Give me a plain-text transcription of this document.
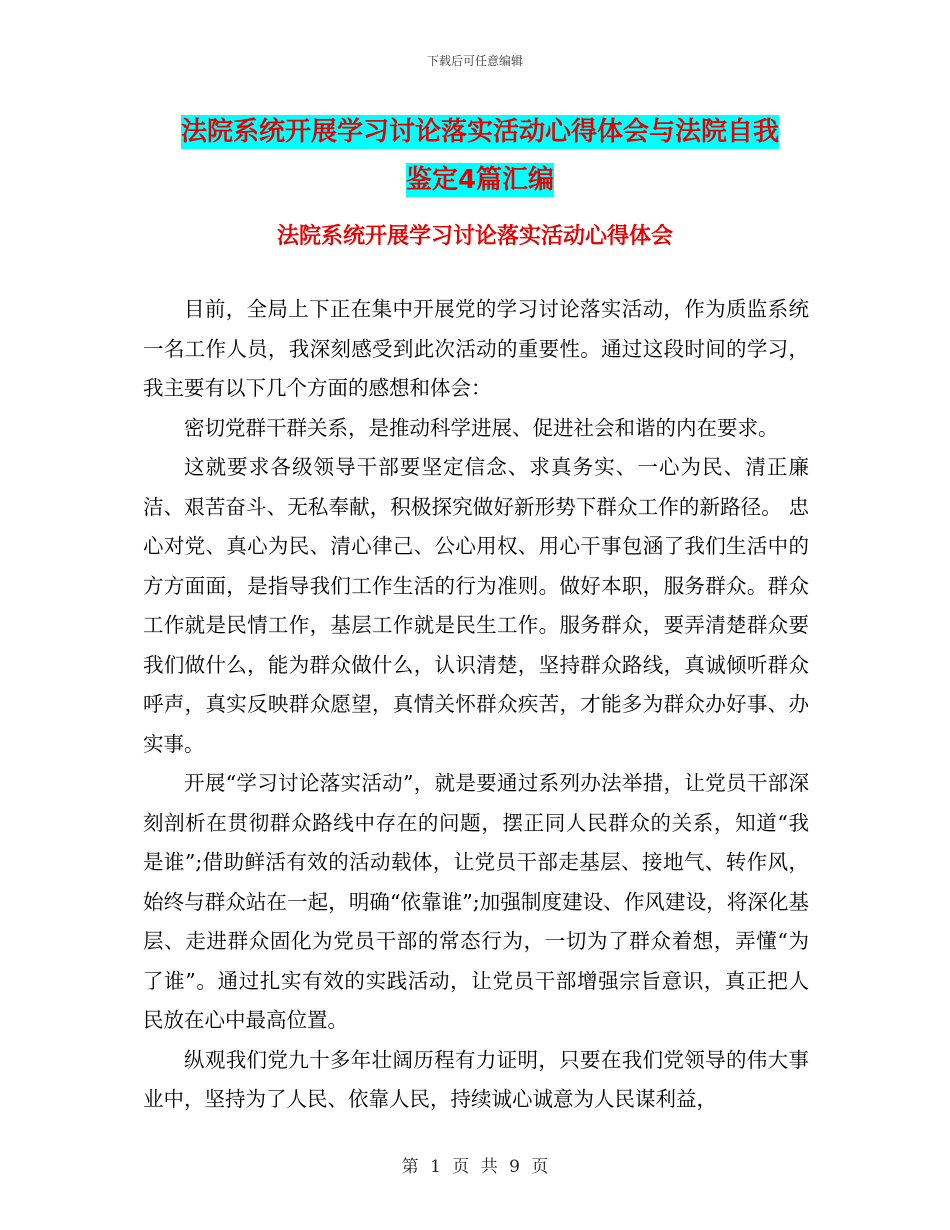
下载后可任意编辑
法院系统开展学习讨论落实活动心得体会与法院自我
鉴定4篇汇编
法院系统开展学习讨论落实活动心得体会

目前，全局上下正在集中开展党的学习讨论落实活动，作为质监系统一名工作人员，我深刻感受到此次活动的重要性。通过这段时间的学习，我主要有以下几个方面的感想和体会：

密切党群干群关系，是推动科学进展、促进社会和谐的内在要求。

这就要求各级领导干部要坚定信念、求真务实、一心为民、清正廉洁、艰苦奋斗、无私奉献，积极探究做好新形势下群众工作的新路径。 忠心对党、真心为民、清心律己、公心用权、用心干事包涵了我们生活中的方方面面，是指导我们工作生活的行为准则。做好本职，服务群众。群众工作就是民情工作，基层工作就是民生工作。服务群众，要弄清楚群众要我们做什么，能为群众做什么，认识清楚，坚持群众路线，真诚倾听群众呼声，真实反映群众愿望，真情关怀群众疾苦，才能多为群众办好事、办实事。

开展“学习讨论落实活动”，就是要通过系列办法举措，让党员干部深刻剖析在贯彻群众路线中存在的问题，摆正同人民群众的关系，知道“我是谁”;借助鲜活有效的活动载体，让党员干部走基层、接地气、转作风，始终与群众站在一起，明确“依靠谁”;加强制度建设、作风建设，将深化基层、走进群众固化为党员干部的常态行为，一切为了群众着想，弄懂“为了谁”。通过扎实有效的实践活动，让党员干部增强宗旨意识，真正把人民放在心中最高位置。

纵观我们党九十多年壮阔历程有力证明，只要在我们党领导的伟大事业中，坚持为了人民、依靠人民，持续诚心诚意为人民谋利益，

第 1 页 共 9 页
